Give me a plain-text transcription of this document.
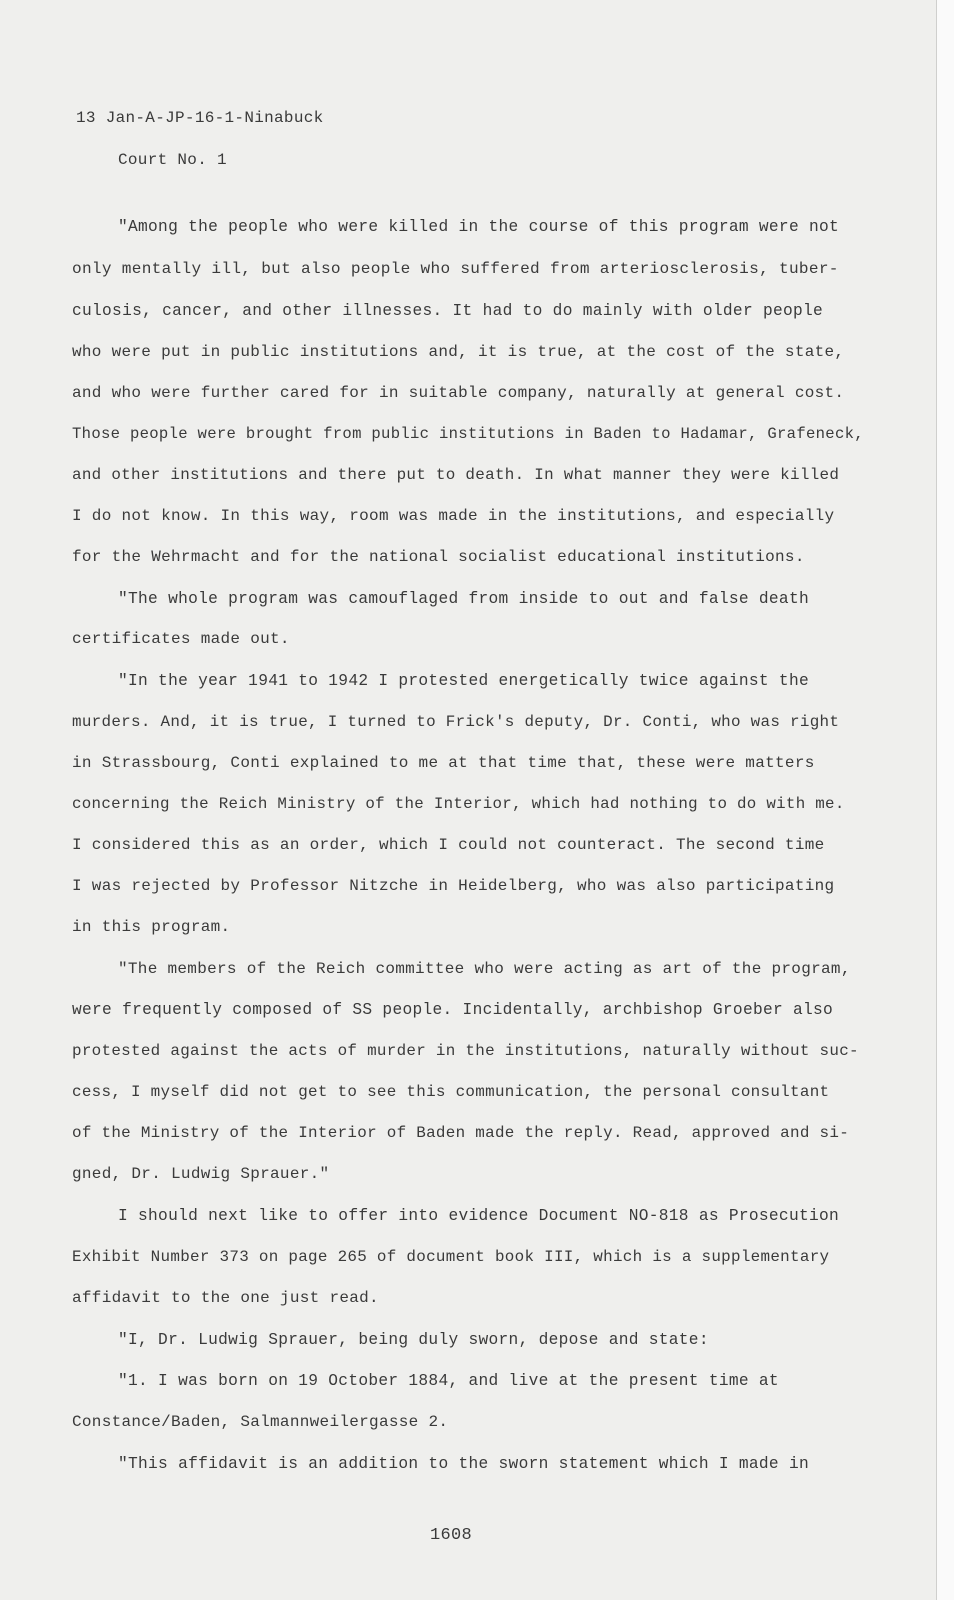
13 Jan-A-JP-16-1-Ninabuck

Court No. 1

"Among the people who were killed in the course of this program were not

only mentally ill, but also people who suffered from arteriosclerosis, tuber-

culosis, cancer, and other illnesses. It had to do mainly with older people

who were put in public institutions and, it is true, at the cost of the state,

and who were further cared for in suitable company, naturally at general cost.

Those people were brought from public institutions in Baden to Hadamar, Grafeneck,

and other institutions and there put to death. In what manner they were killed

I do not know. In this way, room was made in the institutions, and especially

for the Wehrmacht and for the national socialist educational institutions.

"The whole program was camouflaged from inside to out and false death

certificates made out.

"In the year 1941 to 1942 I protested energetically twice against the

murders. And, it is true, I turned to Frick's deputy, Dr. Conti, who was right

in Strassbourg, Conti explained to me at that time that, these were matters

concerning the Reich Ministry of the Interior, which had nothing to do with me.

I considered this as an order, which I could not counteract. The second time

I was rejected by Professor Nitzche in Heidelberg, who was also participating

in this program.

"The members of the Reich committee who were acting as art of the program,

were frequently composed of SS people. Incidentally, archbishop Groeber also

protested against the acts of murder in the institutions, naturally without suc-

cess, I myself did not get to see this communication, the personal consultant

of the Ministry of the Interior of Baden made the reply. Read, approved and si-

gned, Dr. Ludwig Sprauer."

I should next like to offer into evidence Document NO-818 as Prosecution

Exhibit Number 373 on page 265 of document book III, which is a supplementary

affidavit to the one just read.

"I, Dr. Ludwig Sprauer, being duly sworn, depose and state:

"1. I was born on 19 October 1884, and live at the present time at

Constance/Baden, Salmannweilergasse 2.

"This affidavit is an addition to the sworn statement which I made in

1608
